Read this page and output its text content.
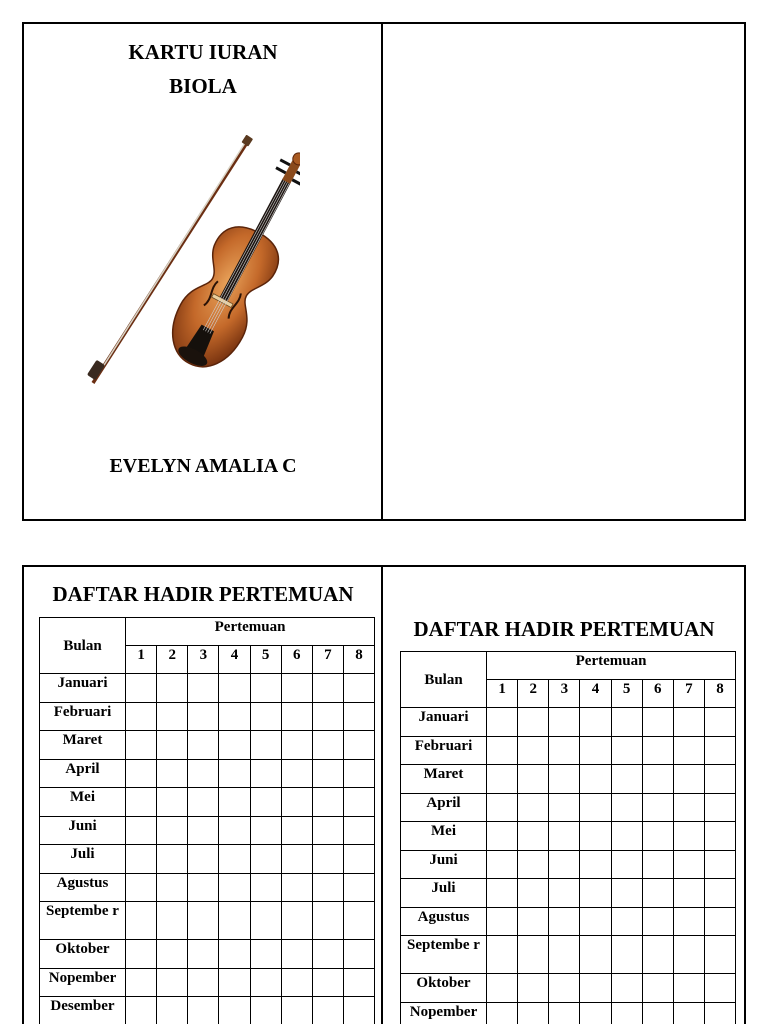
KARTU IURAN
BIOLA
EVELYN AMALIA C
DAFTAR HADIR PERTEMUAN
Bulan	Pertemuan							
	1	2	3	4	5	6	7	8
Januari								
Februari								
Maret								
April								
Mei								
Juni								
Juli								
Agustus								
Septembe r								
Oktober								
Nopember								
Desember								
DAFTAR HADIR PERTEMUAN
Bulan	Pertemuan							
	1	2	3	4	5	6	7	8
Januari								
Februari								
Maret								
April								
Mei								
Juni								
Juli								
Agustus								
Septembe r								
Oktober								
Nopember								
